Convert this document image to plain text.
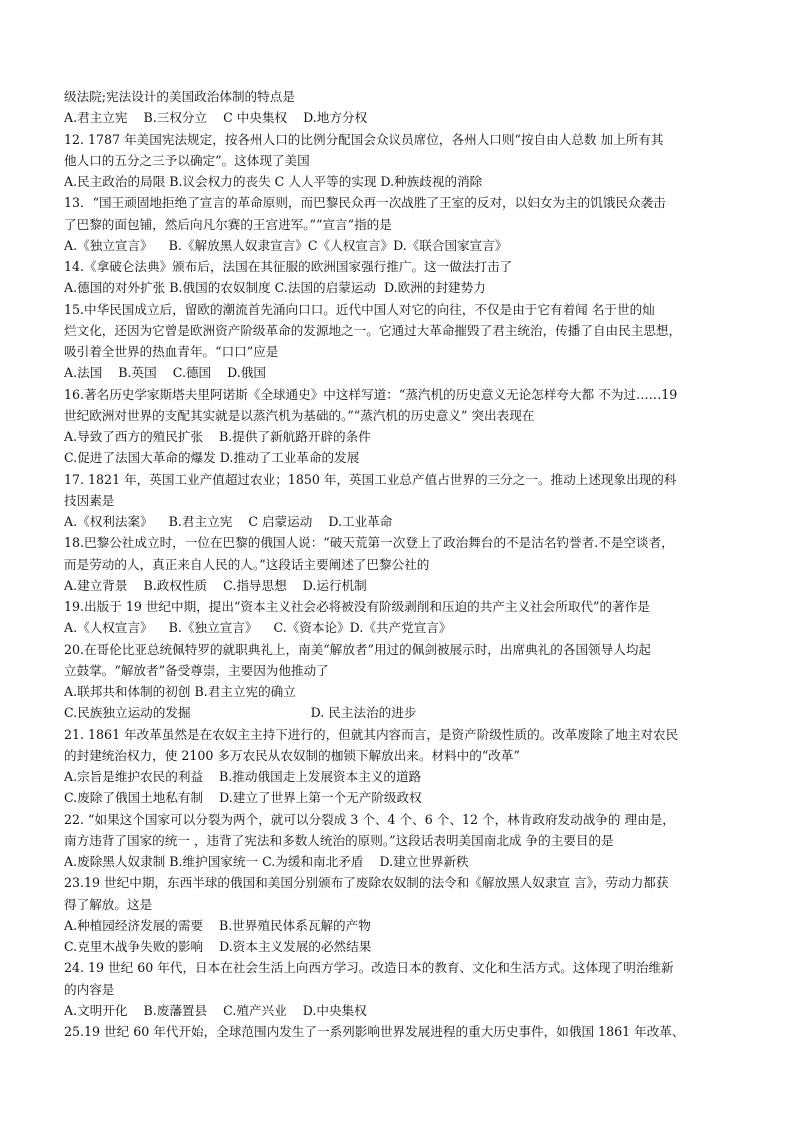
级法院;宪法设计的美国政治体制的特点是
A.君主立宪    B.三权分立    C 中央集权    D.地方分权
12. 1787 年美国宪法规定，按各州人口的比例分配国会众议员席位，各州人口则“按自由人总数 加上所有其
他人口的五分之三予以确定”。这体现了美国
A.民主政治的局限 B.议会权力的丧失 C 人人平等的实现 D.种族歧视的消除
13．“国王顽固地拒绝了宣言的革命原则，而巴黎民众再一次战胜了王室的反对，以妇女为主的饥饿民众袭击
了巴黎的面包铺，然后向凡尔赛的王宫进军。”“宣言”指的是
A.《独立宣言》    B.《解放黑人奴隶宣言》C《人权宣言》D.《联合国家宣言》
14.《拿破仑法典》颁布后，法国在其征服的欧洲国家强行推广。这一做法打击了
A.德国的对外扩张 B.俄国的农奴制度 C.法国的启蒙运动  D.欧洲的封建势力
15.中华民国成立后，留欧的潮流首先涌向口口。近代中国人对它的向往，不仅是由于它有着闻 名于世的灿
烂文化，还因为它曾是欧洲资产阶级革命的发源地之一。它通过大革命摧毁了君主统治，传播了自由民主思想，
吸引着全世界的热血青年。“口口”应是
A.法国    B.英国    C.德国    D.俄国
16.著名历史学家斯塔夫里阿诺斯《全球通史》中这样写道：“蒸汽机的历史意义无论怎样夸大都 不为过……19
世纪欧洲对世界的支配其实就是以蒸汽机为基础的。”“蒸汽机的历史意义” 突出表现在
A.导致了西方的殖民扩张    B.提供了新航路开辟的条件
C.促进了法国大革命的爆发 D.推动了工业革命的发展
17. 1821 年，英国工业产值超过农业；1850 年，英国工业总产值占世界的三分之一。推动上述现象出现的科
技因素是
A.《权利法案》    B.君主立宪    C 启蒙运动    D.工业革命
18.巴黎公社成立时，一位在巴黎的俄国人说：“破天荒第一次登上了政治舞台的不是沽名钓誉者.不是空谈者，
而是劳动的人，真正来自人民的人。”这段话主要阐述了巴黎公社的
A.建立背景    B.政权性质    C.指导思想    D.运行机制
19.出版于 19 世纪中期，提出“资本主义社会必将被没有阶级剥削和压迫的共产主义社会所取代”的著作是
A.《人权宣言》    B.《独立宣言》    C.《资本论》D.《共产党宣言》
20.在哥伦比亚总统佩特罗的就职典礼上，南美“解放者”用过的佩剑被展示时，出席典礼的各国领导人均起
立鼓掌。“解放者”备受尊崇，主要因为他推动了
A.联邦共和体制的初创 B.君主立宪的确立
C.民族独立运动的发掘                              D. 民主法治的进步
21. 1861 年改革虽然是在农奴主主持下进行的，但就其内容而言，是资产阶级性质的。改革废除了地主对农民
的封建统治权力，使 2100 多万农民从农奴制的枷锁下解放出来。材料中的“改革”
A.宗旨是维护农民的利益    B.推动俄国走上发展资本主义的道路
C.废除了俄国土地私有制    D.建立了世界上第一个无产阶级政权
22. “如果这个国家可以分裂为两个，就可以分裂成 3 个、4 个、6 个、12 个，林肯政府发动战争的 理由是，
南方违背了国家的统一 ，违背了宪法和多数人统治的原则。”这段话表明美国南北成 争的主要目的是
A.废除黑人奴隶制 B.维护国家统一 C.为缓和南北矛盾    D.建立世界新秩
23.19 世纪中期，东西半球的俄国和美国分别颁布了废除农奴制的法令和《解放黑人奴隶宣 言》，劳动力都获
得了解放。这是
A.种植园经济发展的需要    B.世界殖民体系瓦解的产物
C.克里木战争失败的影响    D.资本主义发展的必然结果
24. 19 世纪 60 年代，日本在社会生活上向西方学习。改造日本的教育、文化和生活方式。这体现了明治维新
的内容是
A.文明开化    B.废藩置县    C.殖产兴业    D.中央集权
25.19 世纪 60 年代开始，全球范围内发生了一系列影响世界发展进程的重大历史事件，如俄国 1861 年改革、
